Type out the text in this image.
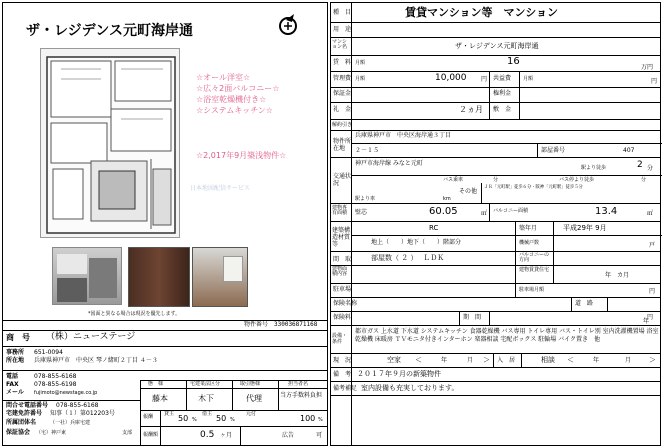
ザ・レジデンス元町海岸通
☆オール洋室☆
☆広々2面バルコニー☆
☆浴室乾燥機付き☆
☆システムキッチン☆
☆2,017年9月築浅物件☆
日本地図配信サービス
*図面と異なる場合は現況を優先します。
物件番号 330036871168
商　号 （株）ニューステージ
事務所 651-0094
所在地 兵庫県神戸市　中央区 琴ノ緒町２丁目 ４－３
電話	078-855-6168
FAX	078-855-6198
メール fujimoto@newstage.co.jp
問合せ電話番号 078-855-6168
宅建免許番号 知事（１）第012203号
所属団体名	（一社）兵庫宅建
保証協会 （宅）神戸東	支部
態　様	宅建業法区分	取引態様	担当者名
藤本	木下	代理	当方手数料負担
報酬 貸主 50 %
借主 50 %
元付	100 %
報酬額	0.5 ヶ月	広告	可
種　目	賃貸マンション等　マンション
用　途
マンション名	ザ・レジデンス元町海岸通
賃　料 月額	16
万円
管理費 月額	10,000 円 共益費 月額	円
保証金	権利金
礼　金	２ヵ月 敷　金
解約引き
物件所在地
兵庫県神戸市　中央区海岸通３丁目
２－１５	部屋番号	407
交通状況
神戸市海岸線 みなと元町
駅より徒歩	2 分
バス乗車	分	バス停より徒歩	分
その他
ＪＲ「元町駅」徒歩６分・阪神「元町駅」徒歩５分
駅より車	km
建物専有面積	壁芯	60.05	㎡ バルコニー面積	13.4	㎡
建築構造材質等
RC	築年月	平成29年 9月
地上（　　）地下（　　）階部分	機械戸数	戸
間　取	部屋数（ ２ ）　 ＬＤＫ	バルコニーの方向
建物面積内容
建物賃貸住宅
年　カ月
駐車場	駐車場月額	円
保険名称	道　路
保険料	円
期　間
年
設備・条件
都市ガス 上水道 下水道 システムキッチン 食器乾燥機 バス専用 トイレ専用 バス・トイレ別 室内洗濯機置場 浴室乾燥機 床暖房 ＴＶモニタ付きインターホン 楽器相談 宅配ボックス 駐輪場 バイク置き　他
現　況	空家 ＜	年	月 ＞ 入　居	相談 ＜	年	月	＞
備　考 ２０１７年９月の新築物件
備考補足 室内設備も充実しております。
